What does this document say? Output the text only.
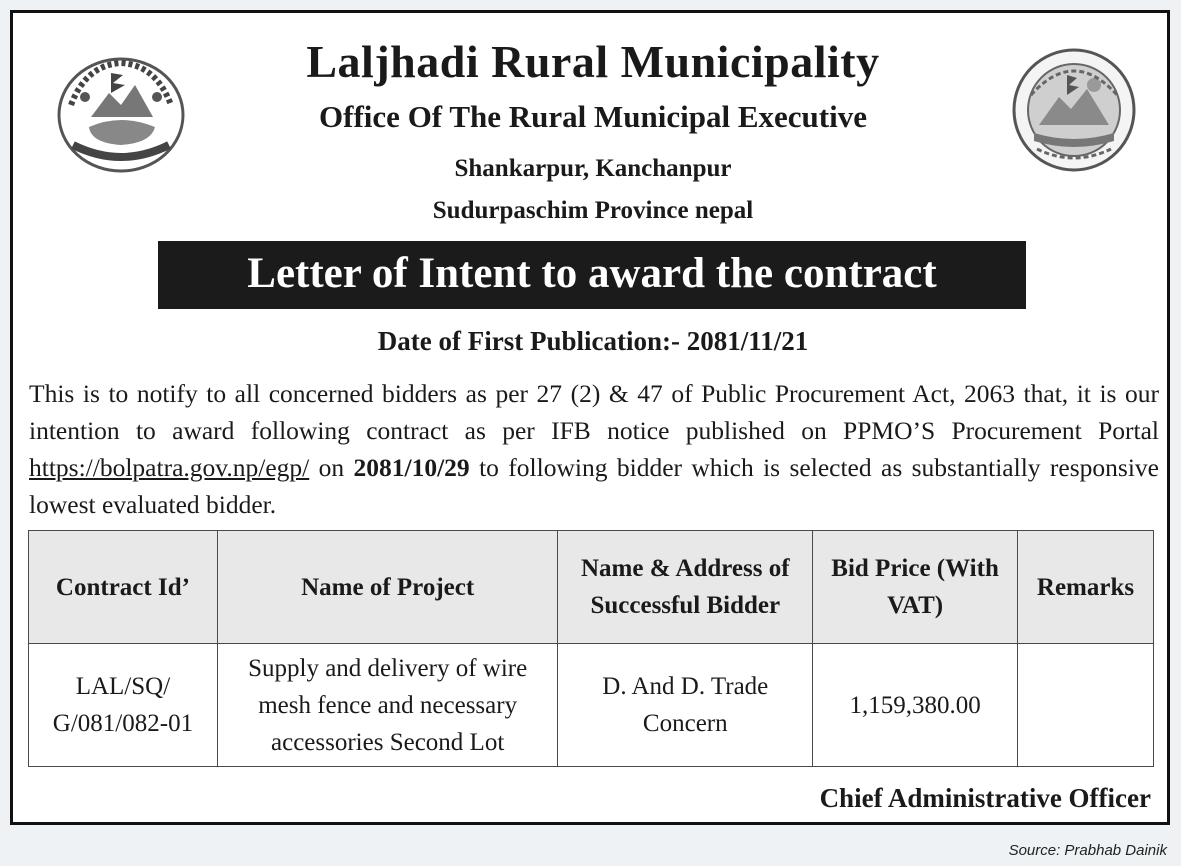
Laljhadi Rural Municipality
Office Of The Rural Municipal Executive
Shankarpur, Kanchanpur
Sudurpaschim Province nepal
Letter of Intent to award the contract
Date of First Publication:- 2081/11/21
This is to notify to all concerned bidders as per 27 (2) & 47 of Public Procurement Act, 2063 that, it is our intention to award following contract as per IFB notice published on PPMO’S Procurement Portal https://bolpatra.gov.np/egp/ on 2081/10/29 to following bidder which is selected as substantially responsive lowest evaluated bidder.
Contract Id’	Name of Project	Name & Address of Successful Bidder	Bid Price (With VAT)	Remarks
LAL/SQ/ G/081/082-01	Supply and delivery of wire mesh fence and necessary accessories Second Lot	D. And D. Trade Concern	1,159,380.00	
Chief Administrative Officer
Source: Prabhab Dainik
